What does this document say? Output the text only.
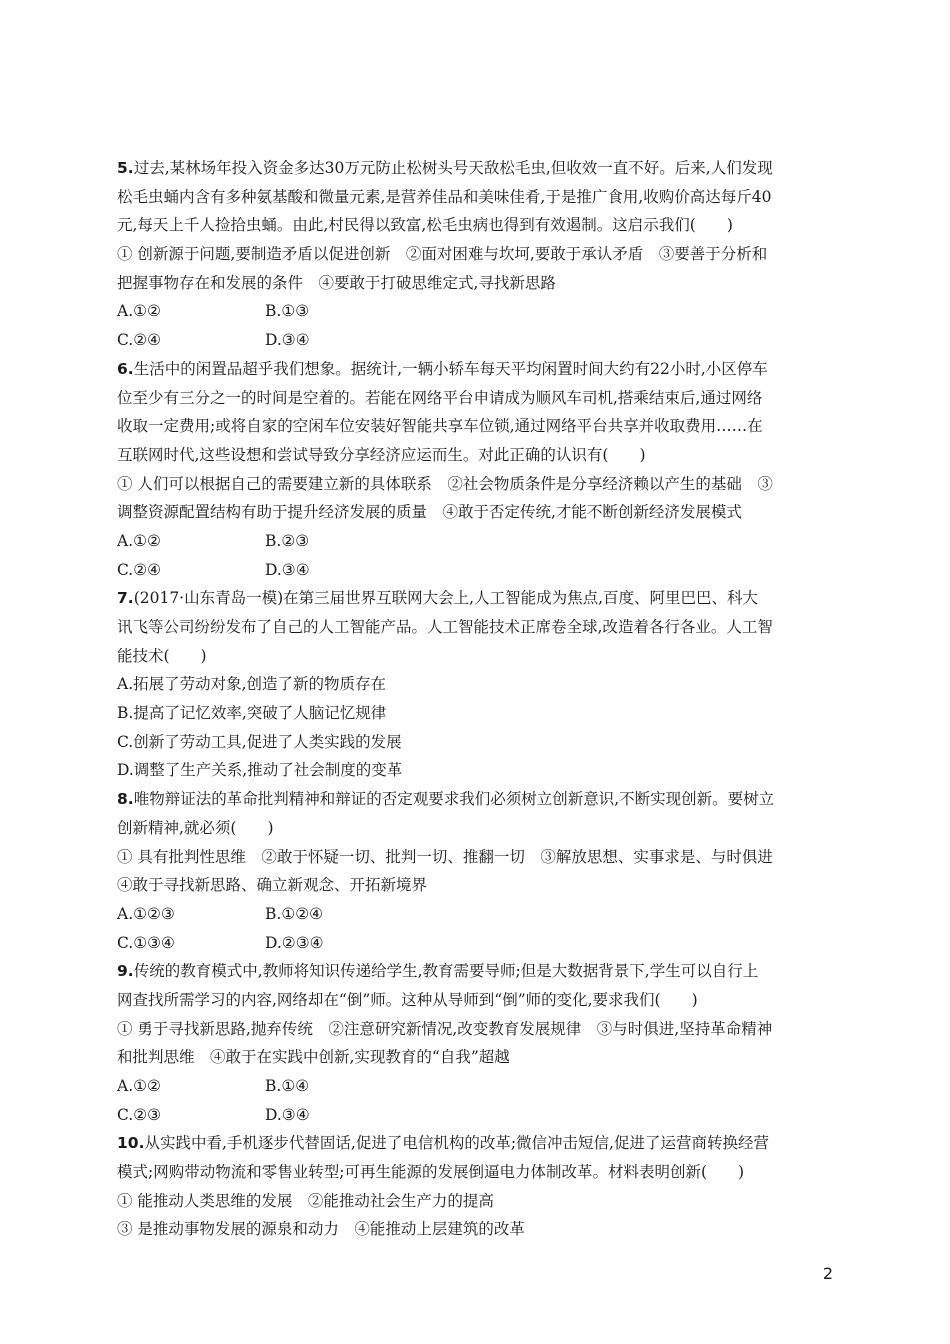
5.过去,某林场年投入资金多达30万元防止松树头号天敌松毛虫,但收效一直不好。后来,人们发现
松毛虫蛹内含有多种氨基酸和微量元素,是营养佳品和美味佳肴,于是推广食用,收购价高达每斤40
元,每天上千人捡拾虫蛹。由此,村民得以致富,松毛虫病也得到有效遏制。这启示我们(　　)
① 创新源于问题,要制造矛盾以促进创新　②面对困难与坎坷,要敢于承认矛盾　③要善于分析和
把握事物存在和发展的条件　④要敢于打破思维定式,寻找新思路
A.①②	B.①③
C.②④	D.③④
6.生活中的闲置品超乎我们想象。据统计,一辆小轿车每天平均闲置时间大约有22小时,小区停车
位至少有三分之一的时间是空着的。若能在网络平台申请成为顺风车司机,搭乘结束后,通过网络
收取一定费用;或将自家的空闲车位安装好智能共享车位锁,通过网络平台共享并收取费用……在
互联网时代,这些设想和尝试导致分享经济应运而生。对此正确的认识有(　　)
① 人们可以根据自己的需要建立新的具体联系　②社会物质条件是分享经济赖以产生的基础　③
调整资源配置结构有助于提升经济发展的质量　④敢于否定传统,才能不断创新经济发展模式
A.①②	B.②③
C.②④	D.③④
7.(2017·山东青岛一模)在第三届世界互联网大会上,人工智能成为焦点,百度、阿里巴巴、科大
讯飞等公司纷纷发布了自己的人工智能产品。人工智能技术正席卷全球,改造着各行各业。人工智
能技术(　　)
A.拓展了劳动对象,创造了新的物质存在
B.提高了记忆效率,突破了人脑记忆规律
C.创新了劳动工具,促进了人类实践的发展
D.调整了生产关系,推动了社会制度的变革
8.唯物辩证法的革命批判精神和辩证的否定观要求我们必须树立创新意识,不断实现创新。要树立
创新精神,就必须(　　)
① 具有批判性思维　②敢于怀疑一切、批判一切、推翻一切　③解放思想、实事求是、与时俱进
④敢于寻找新思路、确立新观念、开拓新境界
A.①②③	B.①②④
C.①③④	D.②③④
9.传统的教育模式中,教师将知识传递给学生,教育需要导师;但是大数据背景下,学生可以自行上
网查找所需学习的内容,网络却在“倒”师。这种从导师到“倒”师的变化,要求我们(　　)
① 勇于寻找新思路,抛弃传统　②注意研究新情况,改变教育发展规律　③与时俱进,坚持革命精神
和批判思维　④敢于在实践中创新,实现教育的“自我”超越
A.①②	B.①④
C.②③	D.③④
10.从实践中看,手机逐步代替固话,促进了电信机构的改革;微信冲击短信,促进了运营商转换经营
模式;网购带动物流和零售业转型;可再生能源的发展倒逼电力体制改革。材料表明创新(　　)
① 能推动人类思维的发展　②能推动社会生产力的提高
③ 是推动事物发展的源泉和动力　④能推动上层建筑的改革
2
